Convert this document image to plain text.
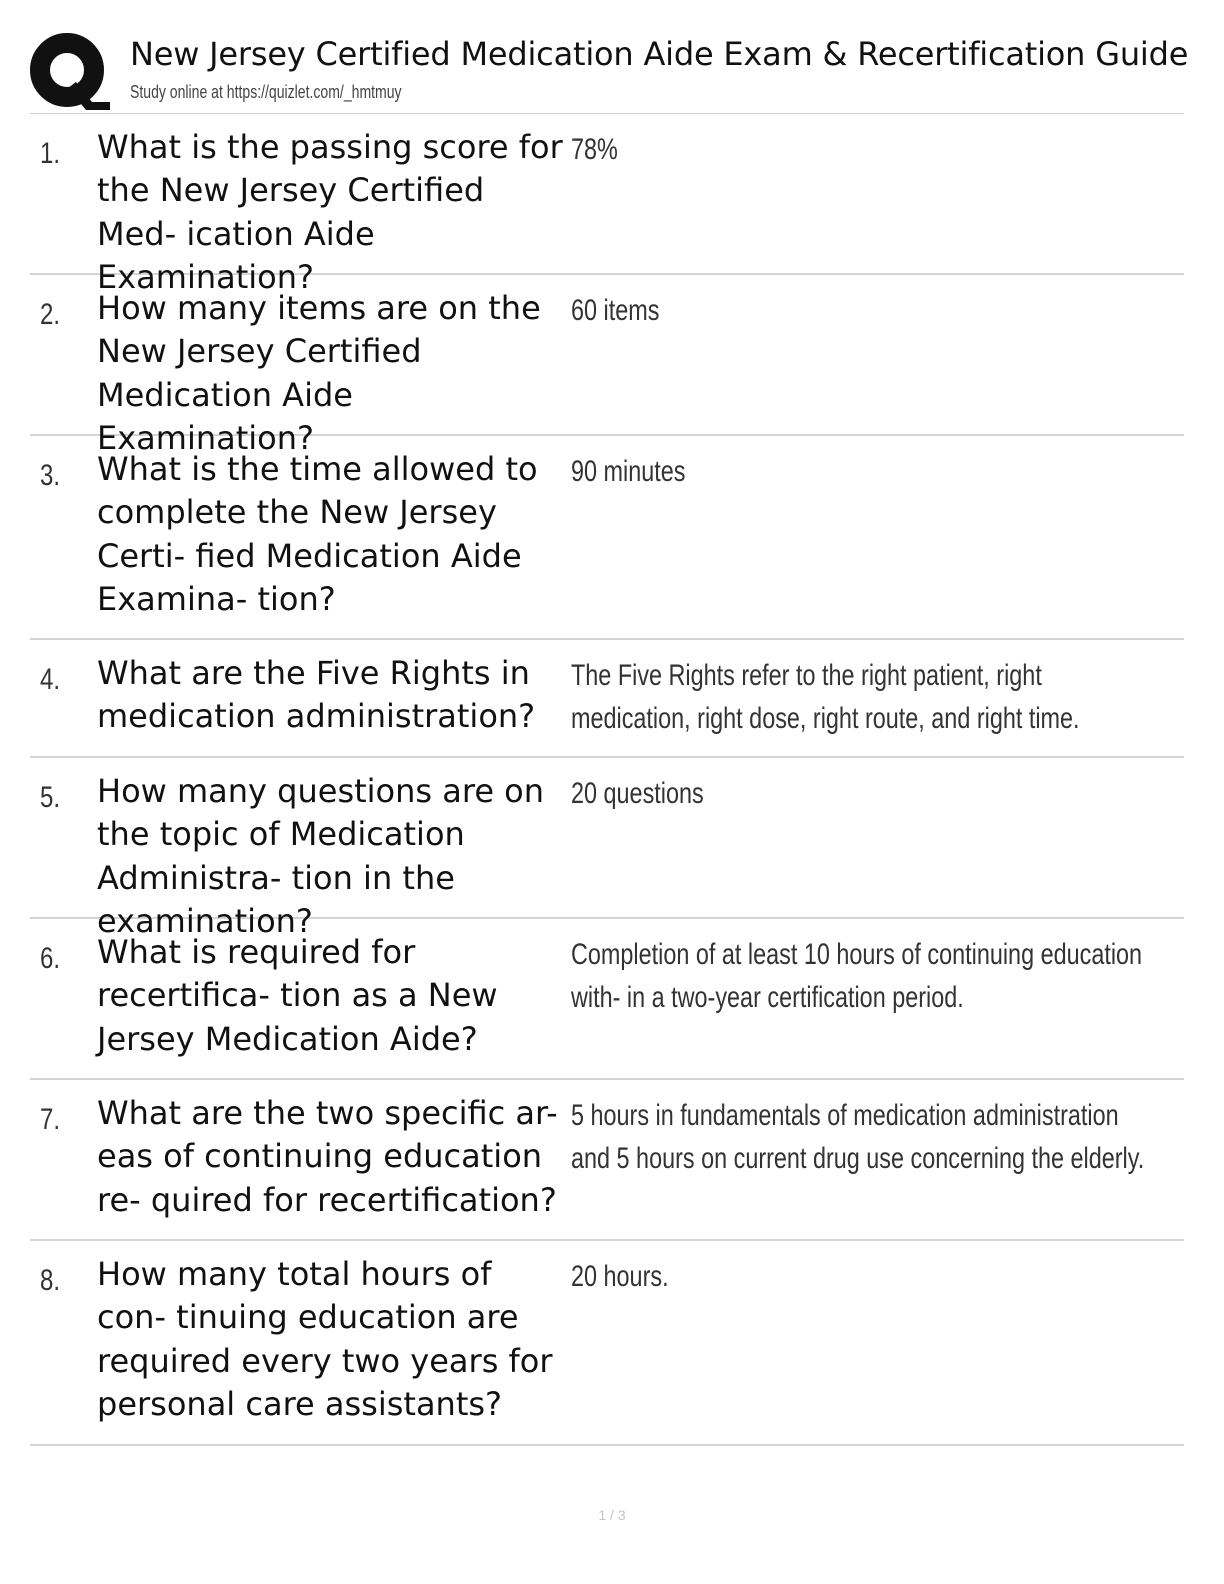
New Jersey Certified Medication Aide Exam & Recertification Guide
Study online at https://quizlet.com/_hmtmuy
1. What is the passing score for the New Jersey Certified Med- ication Aide Examination?
78%
2. How many items are on the New Jersey Certified Medication Aide Examination?
60 items
3. What is the time allowed to complete the New Jersey Certi- fied Medication Aide Examina- tion?
90 minutes
4. What are the Five Rights in medication administration?
The Five Rights refer to the right patient, right medication, right dose, right route, and right time.
5. How many questions are on the topic of Medication Administra- tion in the examination?
20 questions
6. What is required for recertifica- tion as a New Jersey Medication Aide?
Completion of at least 10 hours of continuing education with- in a two-year certification period.
7. What are the two specific ar- eas of continuing education re- quired for recertification?
5 hours in fundamentals of medication administration and 5 hours on current drug use concerning the elderly.
8. How many total hours of con- tinuing education are required every two years for personal care assistants?
20 hours.
1 / 3
